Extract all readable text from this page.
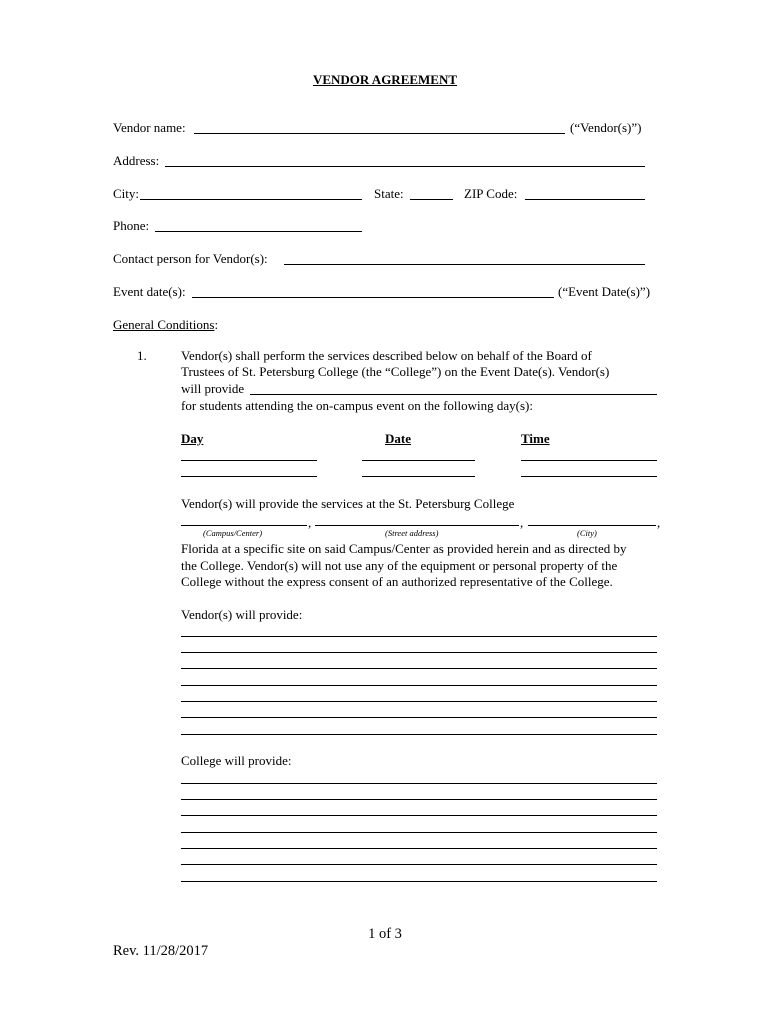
VENDOR AGREEMENT
Vendor name:	(“Vendor(s)”)
Address:
City:	State:	ZIP Code:
Phone:
Contact person for Vendor(s):
Event date(s):	(“Event Date(s)”)
General Conditions:
1.	Vendor(s) shall perform the services described below on behalf of the Board of
Trustees of St. Petersburg College (the “College”) on the Event Date(s). Vendor(s)
will provide
for students attending the on-campus event on the following day(s):
Day	Date	Time
Vendor(s) will provide the services at the St. Petersburg College
,	,	,
(Campus/Center)	(Street address)	(City)
Florida at a specific site on said Campus/Center as provided herein and as directed by
the College. Vendor(s) will not use any of the equipment or personal property of the
College without the express consent of an authorized representative of the College.
Vendor(s) will provide:
College will provide:
1 of 3
Rev. 11/28/2017
